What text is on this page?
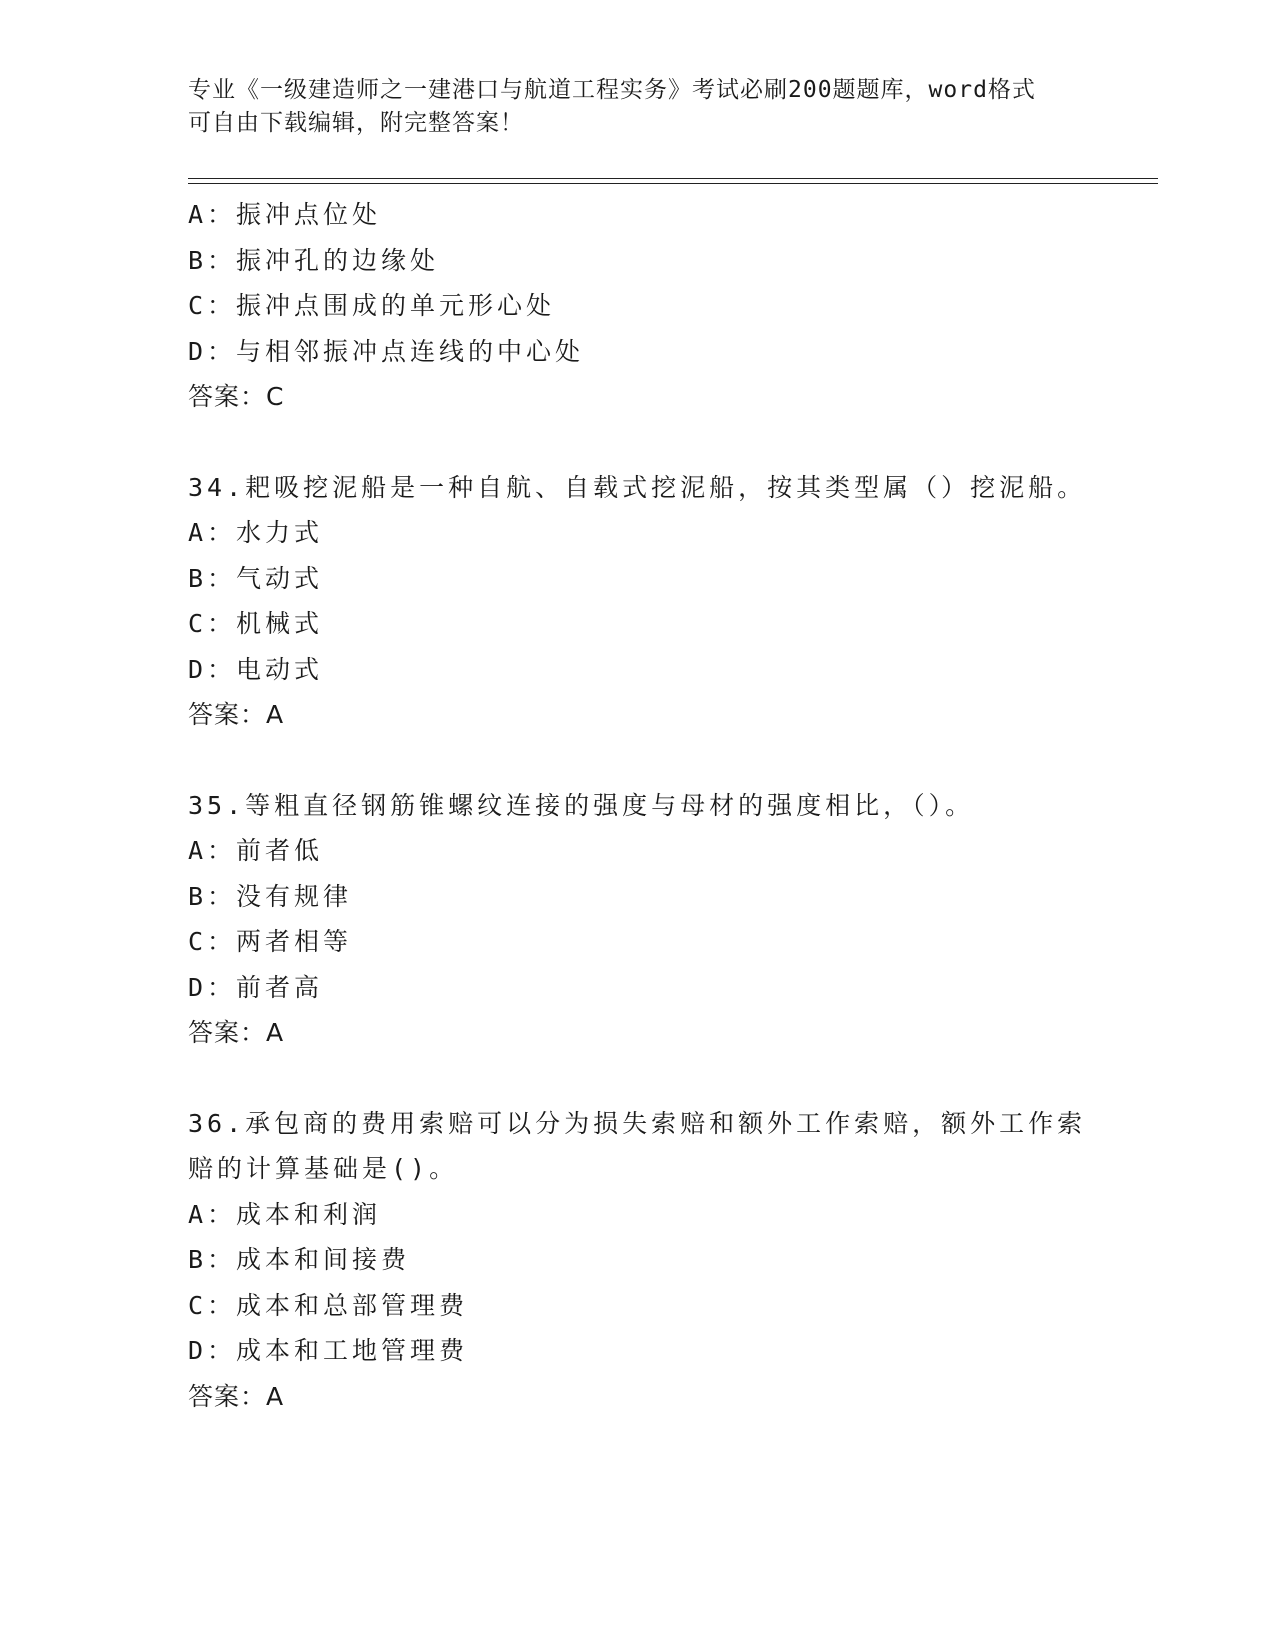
专业《一级建造师之一建港口与航道工程实务》考试必刷200题题库，word格式
可自由下载编辑，附完整答案！
A：振冲点位处
B：振冲孔的边缘处
C：振冲点围成的单元形心处
D：与相邻振冲点连线的中心处
答案：C
34.耙吸挖泥船是一种自航、自载式挖泥船，按其类型属（）挖泥船。
A：水力式
B：气动式
C：机械式
D：电动式
答案：A
35.等粗直径钢筋锥螺纹连接的强度与母材的强度相比，（）。
A：前者低
B：没有规律
C：两者相等
D：前者高
答案：A
36.承包商的费用索赔可以分为损失索赔和额外工作索赔，额外工作索
赔的计算基础是()。
A：成本和利润
B：成本和间接费
C：成本和总部管理费
D：成本和工地管理费
答案：A
